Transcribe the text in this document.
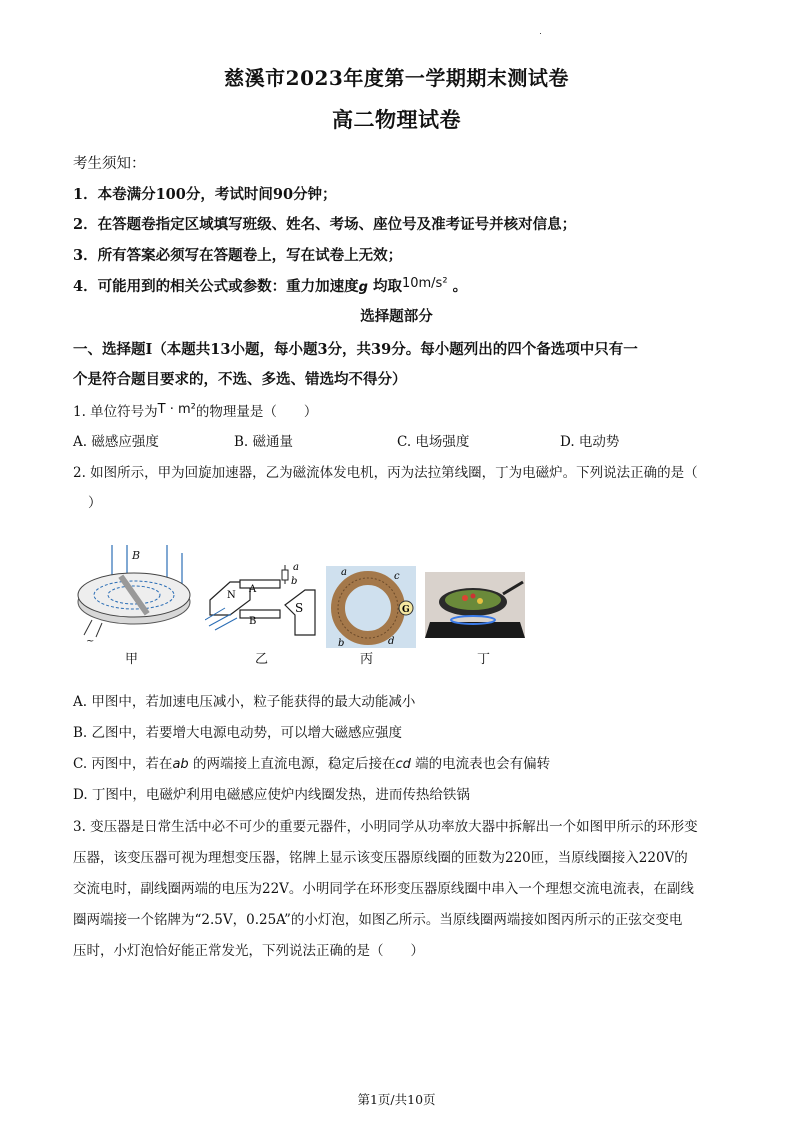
慈溪市2023年度第一学期期末测试卷
高二物理试卷
考生须知：
1．本卷满分100分，考试时间90分钟；
2．在答题卷指定区域填写班级、姓名、考场、座位号及准考证号并核对信息；
3．所有答案必须写在答题卷上，写在试卷上无效；
4．可能用到的相关公式或参数：重力加速度g 均取10m/s² 。
选择题部分
一、选择题Ⅰ（本题共13小题，每小题3分，共39分。每小题列出的四个备选项中只有一
个是符合题目要求的，不选、多选、错选均不得分）
1. 单位符号为T · m²的物理量是（　　）
A. 磁感应强度	B. 磁通量	C. 电场强度	D. 电动势
2. 如图所示，甲为回旋加速器，乙为磁流体发电机，丙为法拉第线圈，丁为电磁炉。下列说法正确的是（
）
B
~
a
b
A
B
S
N
G
a	c
b	d
甲	乙	丙	丁
A. 甲图中，若加速电压减小，粒子能获得的最大动能减小
B. 乙图中，若要增大电源电动势，可以增大磁感应强度
C. 丙图中，若在ab 的两端接上直流电源，稳定后接在cd 端的电流表也会有偏转
D. 丁图中，电磁炉利用电磁感应使炉内线圈发热，进而传热给铁锅
3. 变压器是日常生活中必不可少的重要元器件，小明同学从功率放大器中拆解出一个如图甲所示的环形变
压器，该变压器可视为理想变压器，铭牌上显示该变压器原线圈的匝数为220匝，当原线圈接入220V的
交流电时，副线圈两端的电压为22V。小明同学在环形变压器原线圈中串入一个理想交流电流表，在副线
圈两端接一个铭牌为“2.5V，0.25A”的小灯泡，如图乙所示。当原线圈两端接如图丙所示的正弦交变电
压时，小灯泡恰好能正常发光，下列说法正确的是（　　）
第1页/共10页
